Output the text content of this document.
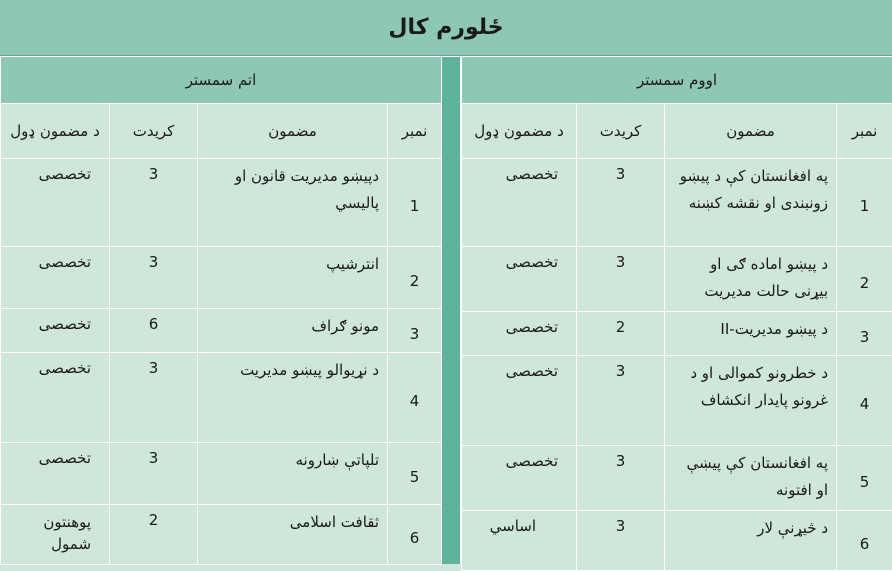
ځلورم کال
اووم سمستر			
نمبر	مضمون	کریدت	د مضمون ډول
1	په افغانستان کې د پیښو زونبندی او نقشه کښنه	3	تخصصی
2	د پیښو اماده ګی او بیړنی حالت مدیریت	3	تخصصی
3	د پیښو مدیریت-II	2	تخصصی
4	د خطرونو کموالی او د غرونو پایدار انکشاف	3	تخصصی
5	په افغانستان کې پیښې او افتونه	3	تخصصی
6	د څیړنې لار	3	اساسي
اتم سمستر			
نمبر	مضمون	کریدت	د مضمون ډول
1	دپیښو مدیریت قانون او پالیسي	3	تخصصی
2	انترشیپ	3	تخصصی
3	مونو ګراف	6	تخصصی
4	د نړیوالو پیښو مدیریت	3	تخصصی
5	تلپاتې ښارونه	3	تخصصی
6	ثقافت اسلامی	2	پوهنتون شمول
